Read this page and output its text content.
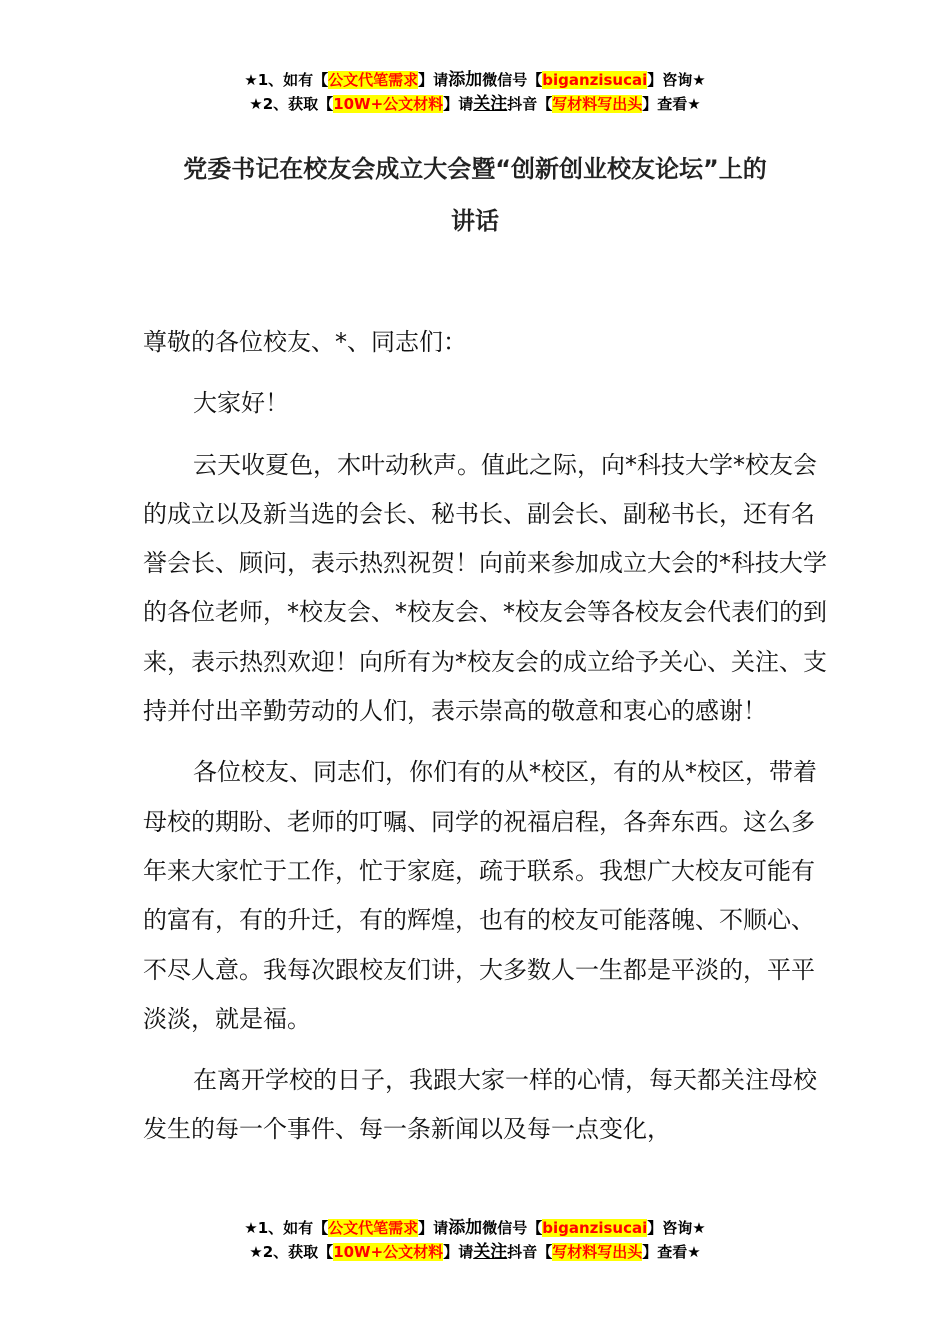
★1、如有【公文代笔需求】请添加微信号【biganzisucai】咨询★
★2、获取【10W+公文材料】请关注抖音【写材料写出头】查看★
党委书记在校友会成立大会暨“创新创业校友论坛”上的
讲话

尊敬的各位校友、*、同志们：

大家好！

云天收夏色，木叶动秋声。值此之际，向*科技大学*校友会的成立以及新当选的会长、秘书长、副会长、副秘书长，还有名誉会长、顾问，表示热烈祝贺！向前来参加成立大会的*科技大学的各位老师，*校友会、*校友会、*校友会等各校友会代表们的到来，表示热烈欢迎！向所有为*校友会的成立给予关心、关注、支持并付出辛勤劳动的人们，表示崇高的敬意和衷心的感谢！

各位校友、同志们，你们有的从*校区，有的从*校区，带着母校的期盼、老师的叮嘱、同学的祝福启程，各奔东西。这么多年来大家忙于工作，忙于家庭，疏于联系。我想广大校友可能有的富有，有的升迁，有的辉煌，也有的校友可能落魄、不顺心、不尽人意。我每次跟校友们讲，大多数人一生都是平淡的，平平淡淡，就是福。

在离开学校的日子，我跟大家一样的心情，每天都关注母校发生的每一个事件、每一条新闻以及每一点变化，

★1、如有【公文代笔需求】请添加微信号【biganzisucai】咨询★
★2、获取【10W+公文材料】请关注抖音【写材料写出头】查看★
